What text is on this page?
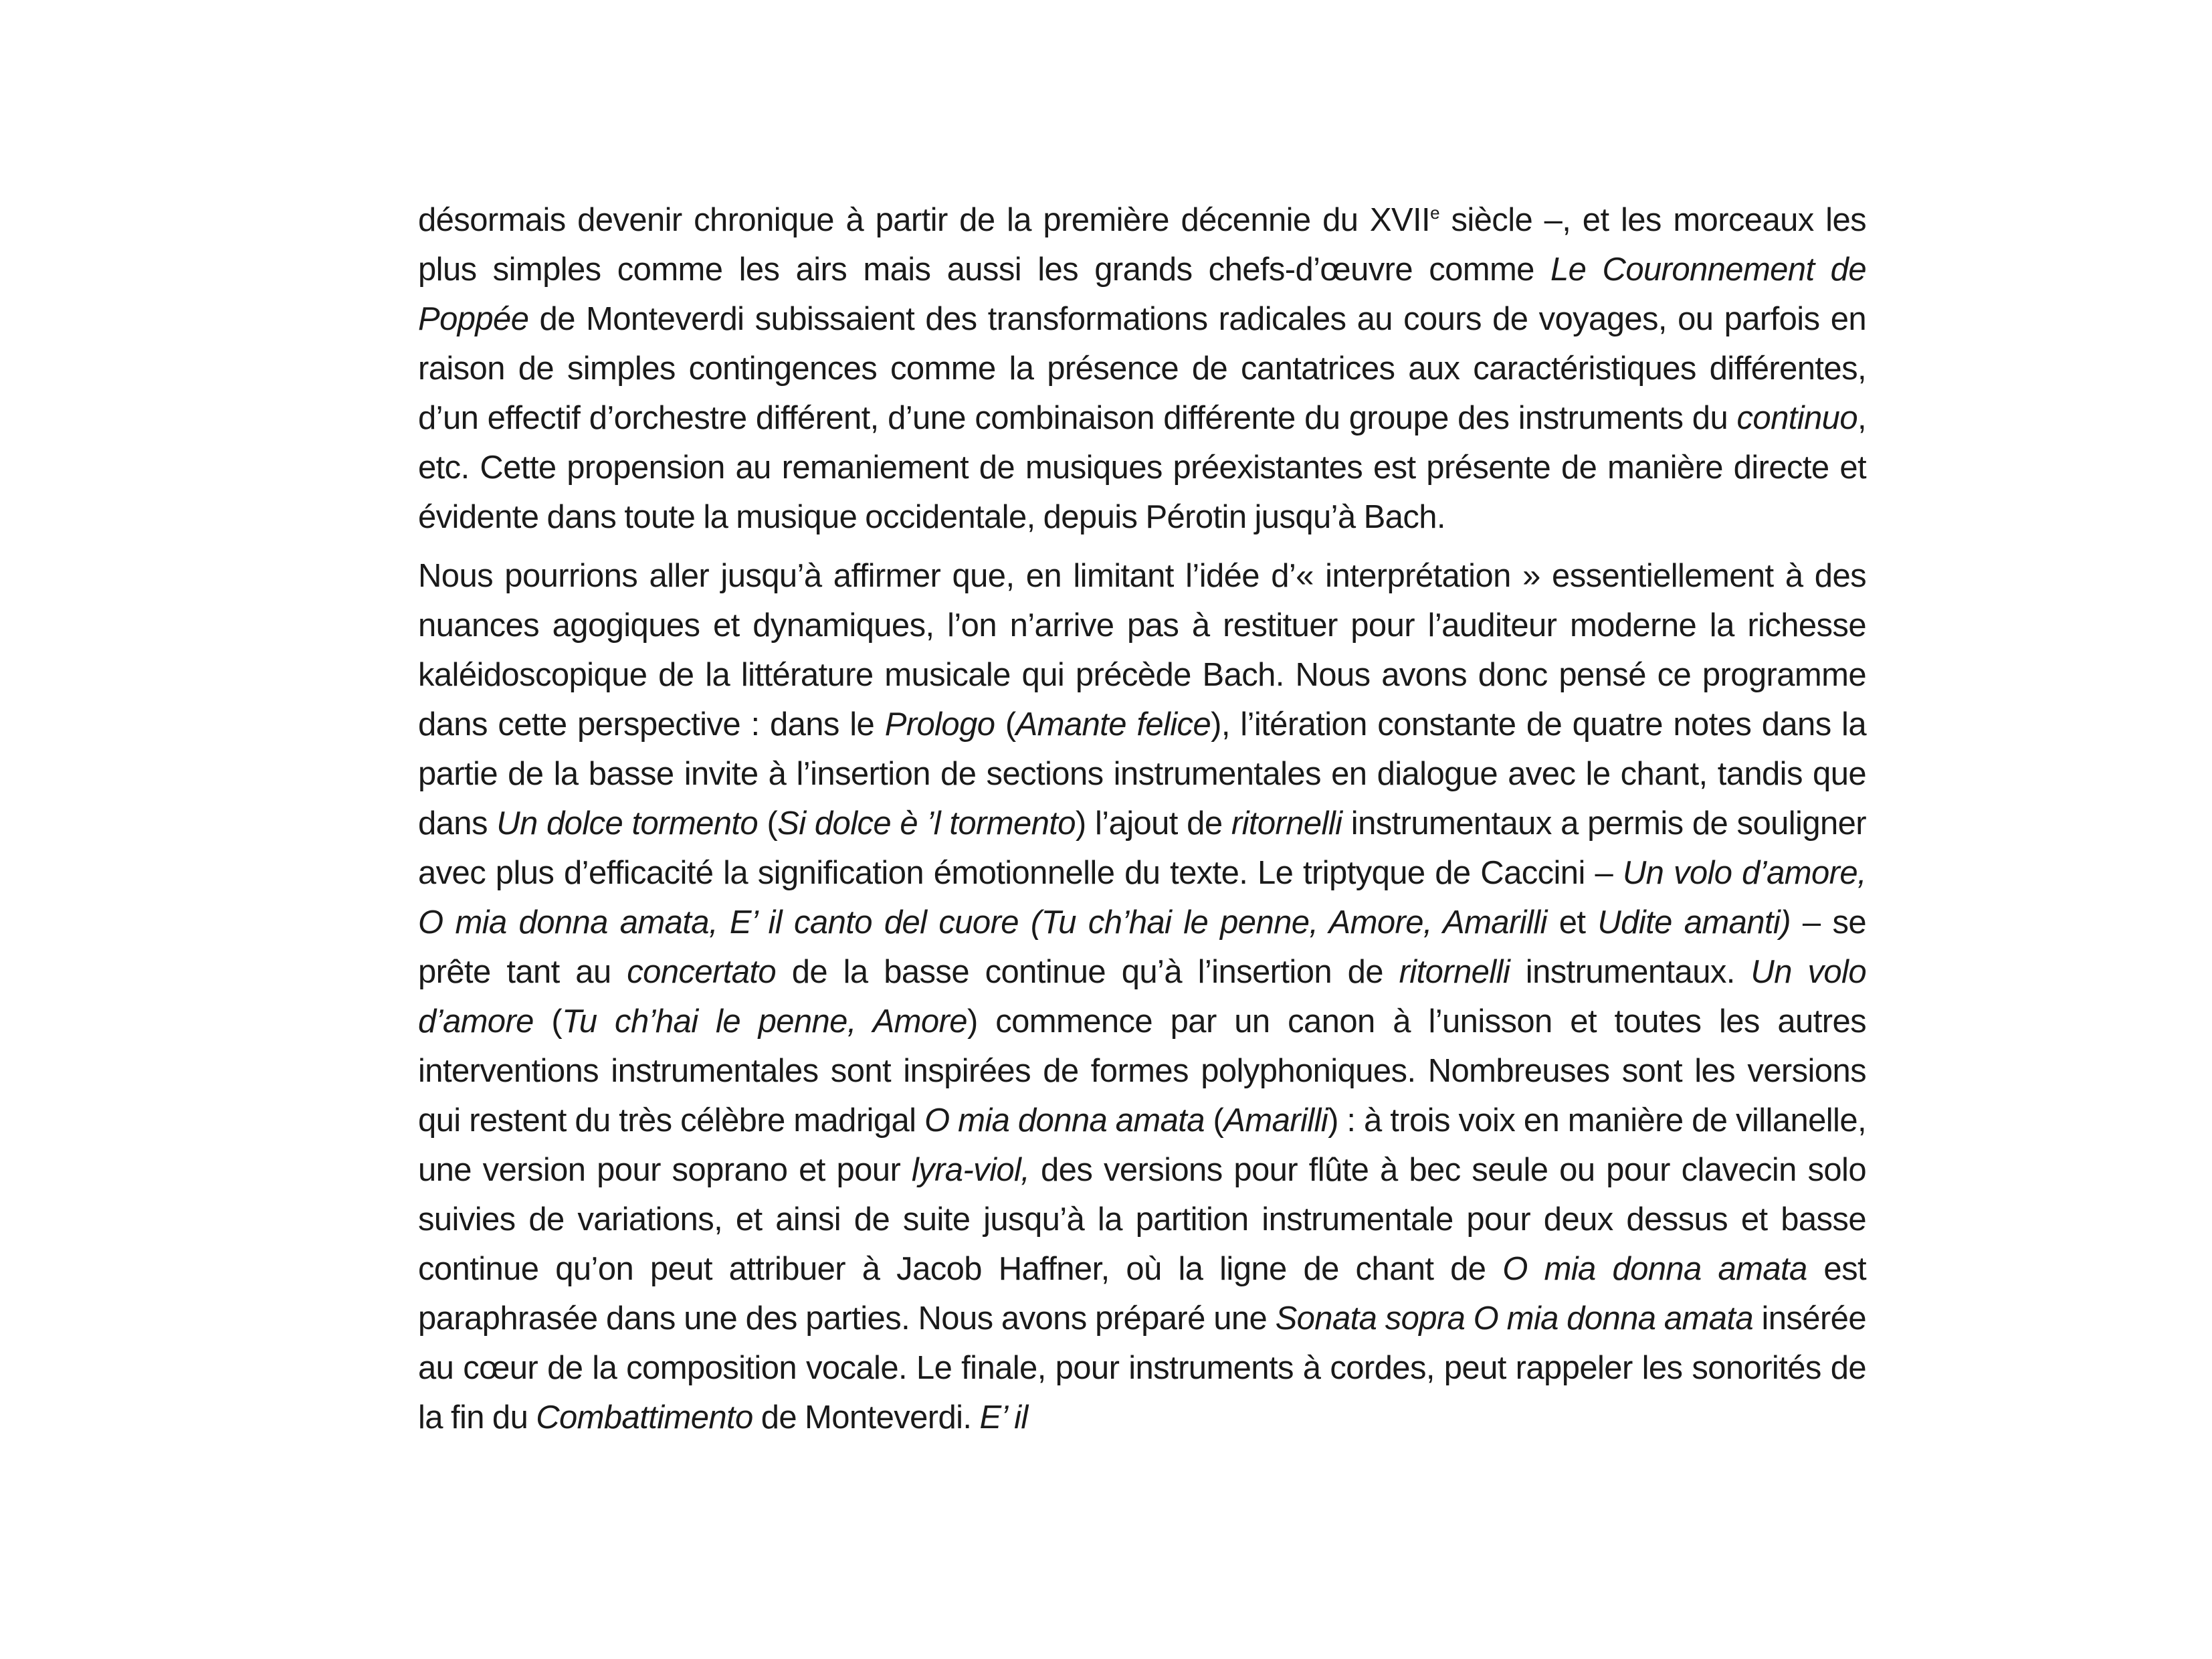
désormais devenir chronique à partir de la première décennie du XVIIe siècle –, et les morceaux les plus simples comme les airs mais aussi les grands chefs-d’œuvre comme Le Couronnement de Poppée de Monteverdi subissaient des transformations radicales au cours de voyages, ou parfois en raison de simples contingences comme la présence de cantatrices aux caractéristiques différentes, d’un effectif d’orchestre différent, d’une combinaison différente du groupe des instruments du continuo, etc. Cette propension au remaniement de musiques préexistantes est présente de manière directe et évidente dans toute la musique occidentale, depuis Pérotin jusqu’à Bach.

Nous pourrions aller jusqu’à affirmer que, en limitant l’idée d’« interprétation » essentiellement à des nuances agogiques et dynamiques, l’on n’arrive pas à restituer pour l’auditeur moderne la richesse kaléidoscopique de la littérature musicale qui précède Bach. Nous avons donc pensé ce programme dans cette perspective : dans le Prologo (Amante felice), l’itération constante de quatre notes dans la partie de la basse invite à l’insertion de sections instrumentales en dialogue avec le chant, tandis que dans Un dolce tormento (Si dolce è ’l tormento) l’ajout de ritornelli instrumentaux a permis de souligner avec plus d’efficacité la signification émotionnelle du texte. Le triptyque de Caccini – Un volo d’amore, O mia donna amata, E’ il canto del cuore (Tu ch’hai le penne, Amore, Amarilli et Udite amanti) – se prête tant au concertato de la basse continue qu’à l’insertion de ritornelli instrumentaux. Un volo d’amore (Tu ch’hai le penne, Amore) commence par un canon à l’unisson et toutes les autres interventions instrumentales sont inspirées de formes polyphoniques. Nombreuses sont les versions qui restent du très célèbre madrigal O mia donna amata (Amarilli) : à trois voix en manière de villanelle, une version pour soprano et pour lyra-viol, des versions pour flûte à bec seule ou pour clavecin solo suivies de variations, et ainsi de suite jusqu’à la partition instrumentale pour deux dessus et basse continue qu’on peut attribuer à Jacob Haffner, où la ligne de chant de O mia donna amata est paraphrasée dans une des parties. Nous avons préparé une Sonata sopra O mia donna amata insérée au cœur de la composition vocale. Le finale, pour instruments à cordes, peut rappeler les sonorités de la fin du Combattimento de Monteverdi. E’ il
